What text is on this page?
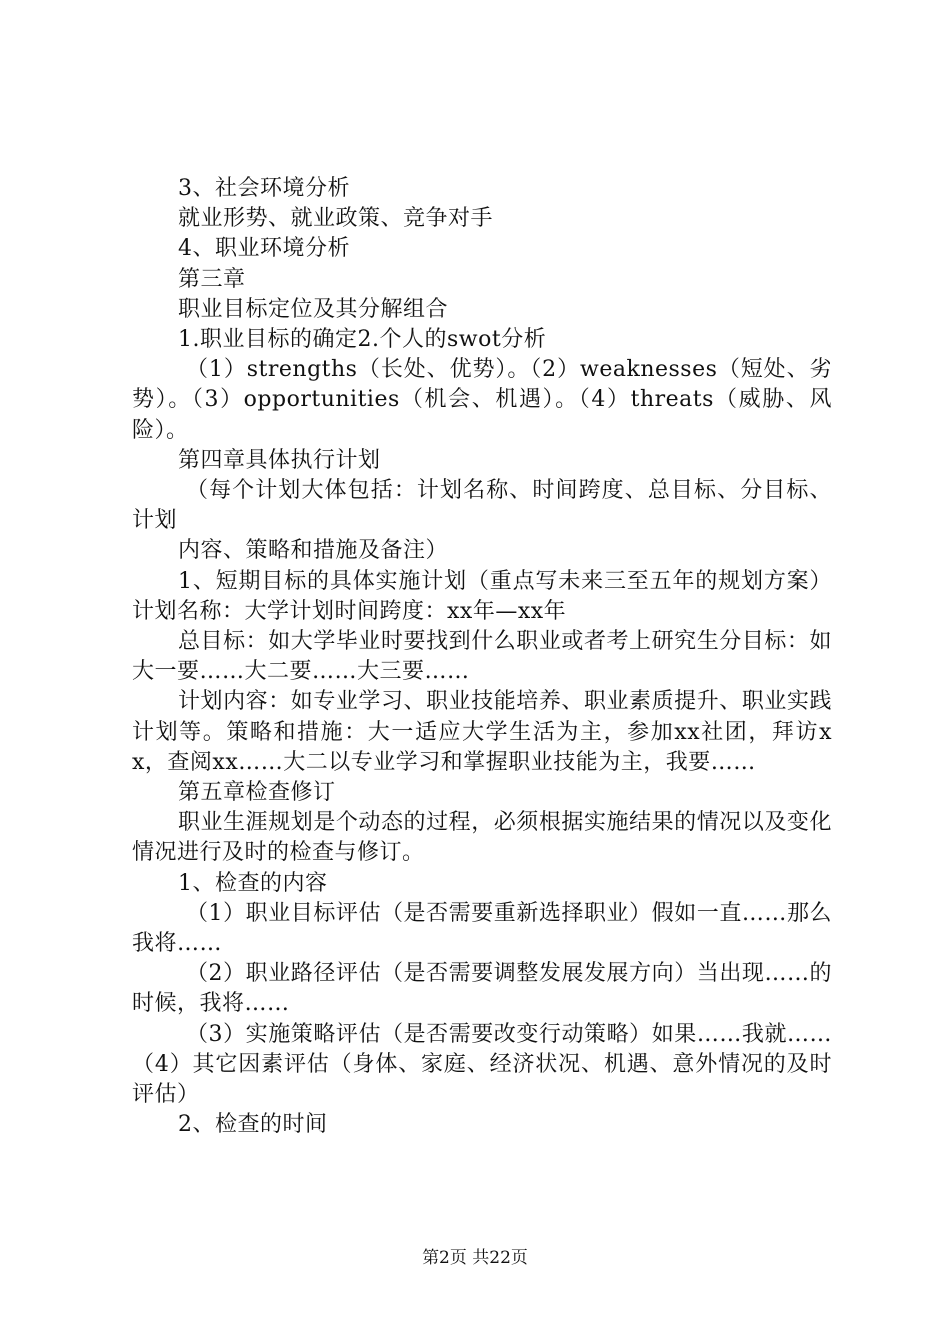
3、社会环境分析

就业形势、就业政策、竞争对手

4、职业环境分析

第三章

职业目标定位及其分解组合

1.职业目标的确定2.个人的swot分析

（1）strengths（长处、优势）。（2）weaknesses（短处、劣势）。（3）opportunities（机会、机遇）。（4）threats（威胁、风险）。

第四章具体执行计划

（每个计划大体包括：计划名称、时间跨度、总目标、分目标、计划

内容、策略和措施及备注）

1、短期目标的具体实施计划（重点写未来三至五年的规划方案）计划名称：大学计划时间跨度：xx年—xx年

总目标：如大学毕业时要找到什么职业或者考上研究生分目标：如大一要……大二要……大三要……

计划内容：如专业学习、职业技能培养、职业素质提升、职业实践计划等。策略和措施：大一适应大学生活为主，参加xx社团，拜访xx，查阅xx……大二以专业学习和掌握职业技能为主，我要……

第五章检查修订

职业生涯规划是个动态的过程，必须根据实施结果的情况以及变化情况进行及时的检查与修订。

1、检查的内容

（1）职业目标评估（是否需要重新选择职业）假如一直……那么我将……

（2）职业路径评估（是否需要调整发展发展方向）当出现……的时候，我将……

（3）实施策略评估（是否需要改变行动策略）如果……我就……（4）其它因素评估（身体、家庭、经济状况、机遇、意外情况的及时评估）

2、检查的时间

第2页 共22页
